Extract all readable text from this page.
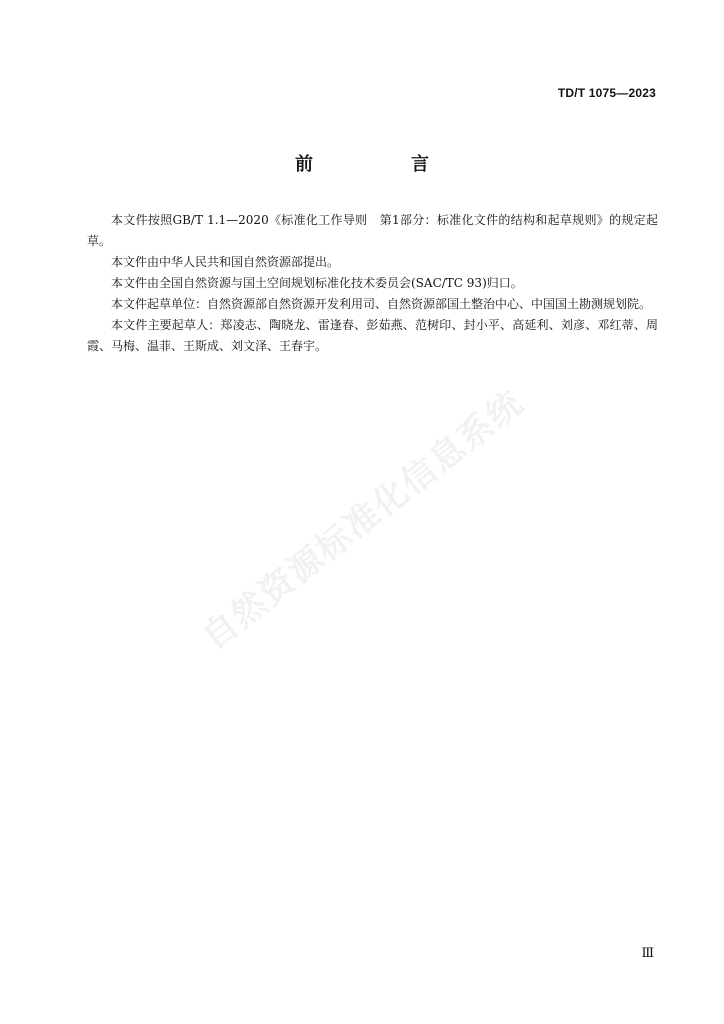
TD/T 1075—2023
前　言

本文件按照GB/T 1.1—2020《标准化工作导则　第1部分：标准化文件的结构和起草规则》的规定起草。

本文件由中华人民共和国自然资源部提出。

本文件由全国自然资源与国土空间规划标准化技术委员会(SAC/TC 93)归口。

本文件起草单位：自然资源部自然资源开发利用司、自然资源部国土整治中心、中国国土勘测规划院。

本文件主要起草人：郑凌志、陶晓龙、雷逢春、彭茹燕、范树印、封小平、高延利、刘彦、邓红蒂、周霞、马梅、温菲、王斯成、刘文泽、王春宇。

自然资源标准化信息系统
Ⅲ
